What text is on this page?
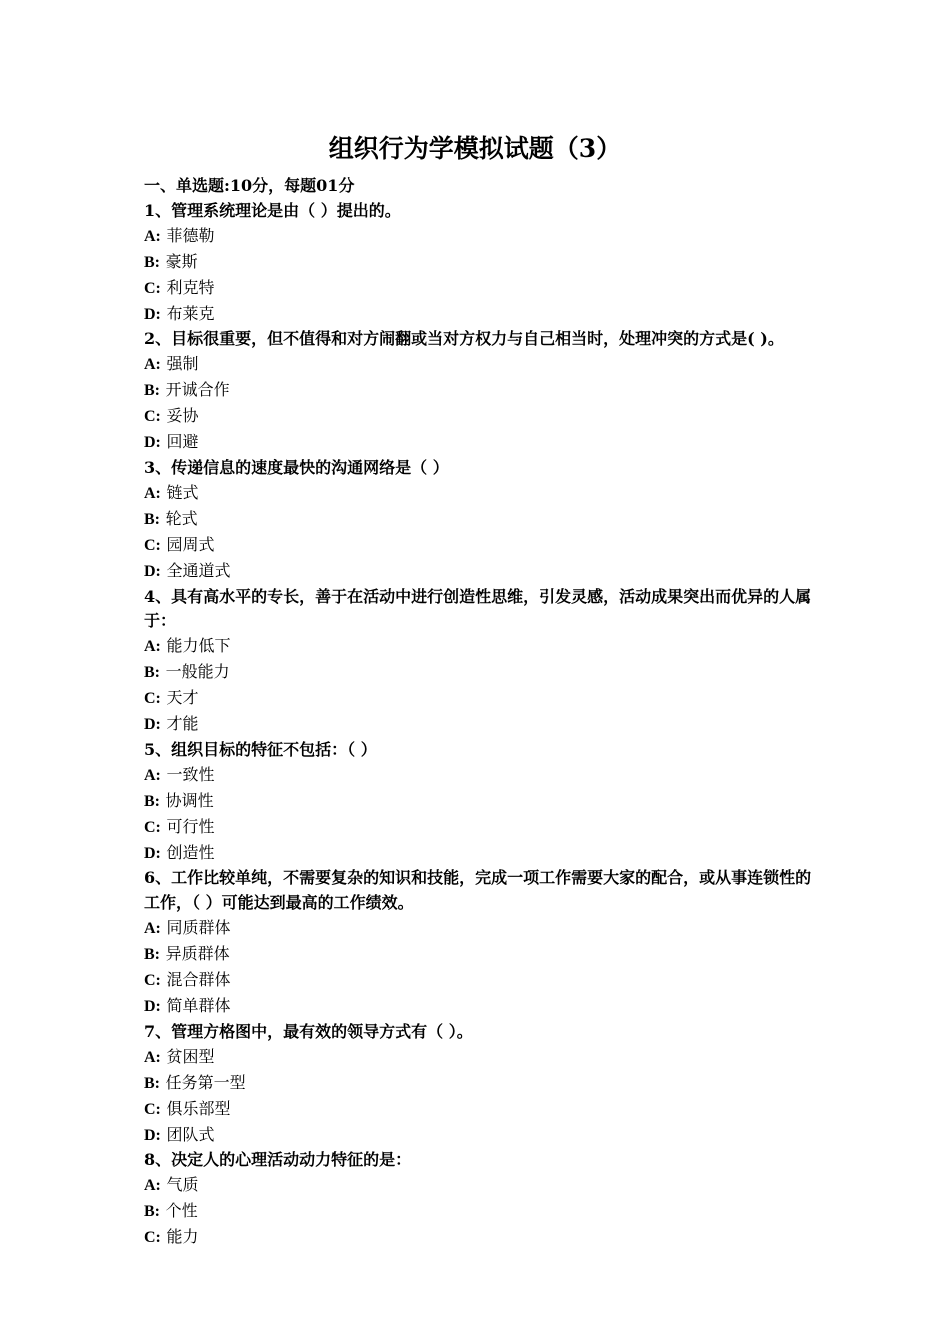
组织行为学模拟试题（3）
一、单选题:10分，每题01分
1、管理系统理论是由（ ）提出的。
A: 菲德勒
B: 豪斯
C: 利克特
D: 布莱克
2、目标很重要，但不值得和对方闹翻或当对方权力与自己相当时，处理冲突的方式是( )。
A: 强制
B: 开诚合作
C: 妥协
D: 回避
3、传递信息的速度最快的沟通网络是（ ）
A: 链式
B: 轮式
C: 园周式
D: 全通道式
4、具有高水平的专长，善于在活动中进行创造性思维，引发灵感，活动成果突出而优异的人属于：
A: 能力低下
B: 一般能力
C: 天才
D: 才能
5、组织目标的特征不包括：（ ）
A: 一致性
B: 协调性
C: 可行性
D: 创造性
6、工作比较单纯，不需要复杂的知识和技能，完成一项工作需要大家的配合，或从事连锁性的工作，（ ）可能达到最高的工作绩效。
A: 同质群体
B: 异质群体
C: 混合群体
D: 简单群体
7、管理方格图中，最有效的领导方式有（ ）。
A: 贫困型
B: 任务第一型
C: 俱乐部型
D: 团队式
8、决定人的心理活动动力特征的是：
A: 气质
B: 个性
C: 能力
